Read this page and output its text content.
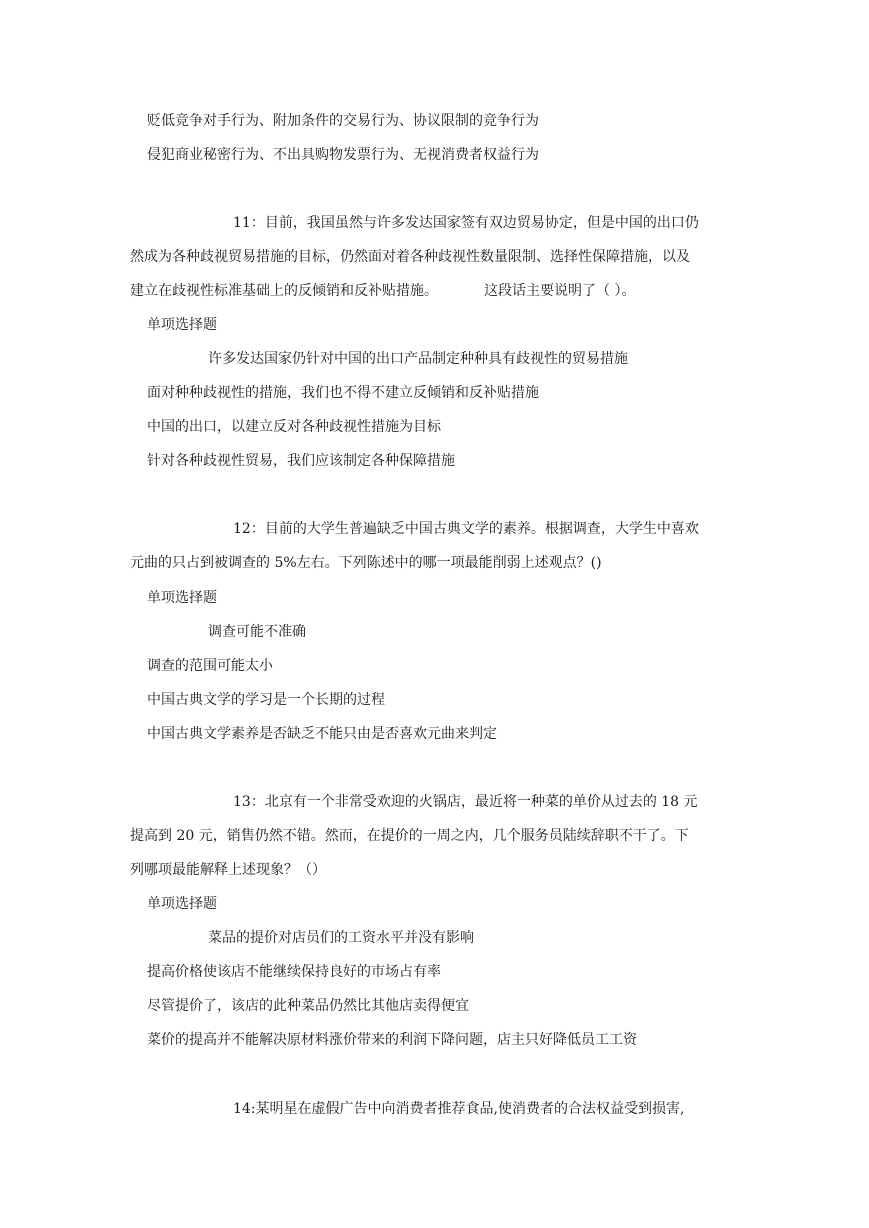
贬低竞争对手行为、附加条件的交易行为、协议限制的竞争行为

侵犯商业秘密行为、不出具购物发票行为、无视消费者权益行为

11：目前，我国虽然与许多发达国家签有双边贸易协定，但是中国的出口仍

然成为各种歧视贸易措施的目标，仍然面对着各种歧视性数量限制、选择性保障措施，以及

建立在歧视性标准基础上的反倾销和反补贴措施。	这段话主要说明了（ ）。

单项选择题

许多发达国家仍针对中国的出口产品制定种种具有歧视性的贸易措施

面对种种歧视性的措施，我们也不得不建立反倾销和反补贴措施

中国的出口，以建立反对各种歧视性措施为目标

针对各种歧视性贸易，我们应该制定各种保障措施

12：目前的大学生普遍缺乏中国古典文学的素养。根据调查，大学生中喜欢

元曲的只占到被调查的 5%左右。下列陈述中的哪一项最能削弱上述观点？()

单项选择题

调查可能不准确

调查的范围可能太小

中国古典文学的学习是一个长期的过程

中国古典文学素养是否缺乏不能只由是否喜欢元曲来判定

13：北京有一个非常受欢迎的火锅店，最近将一种菜的单价从过去的 18 元

提高到 20 元，销售仍然不错。然而，在提价的一周之内，几个服务员陆续辞职不干了。下

列哪项最能解释上述现象？（）

单项选择题

菜品的提价对店员们的工资水平并没有影响

提高价格使该店不能继续保持良好的市场占有率

尽管提价了，该店的此种菜品仍然比其他店卖得便宜

菜价的提高并不能解决原材料涨价带来的利润下降问题，店主只好降低员工工资

14:某明星在虚假广告中向消费者推荐食品,使消费者的合法权益受到损害,
